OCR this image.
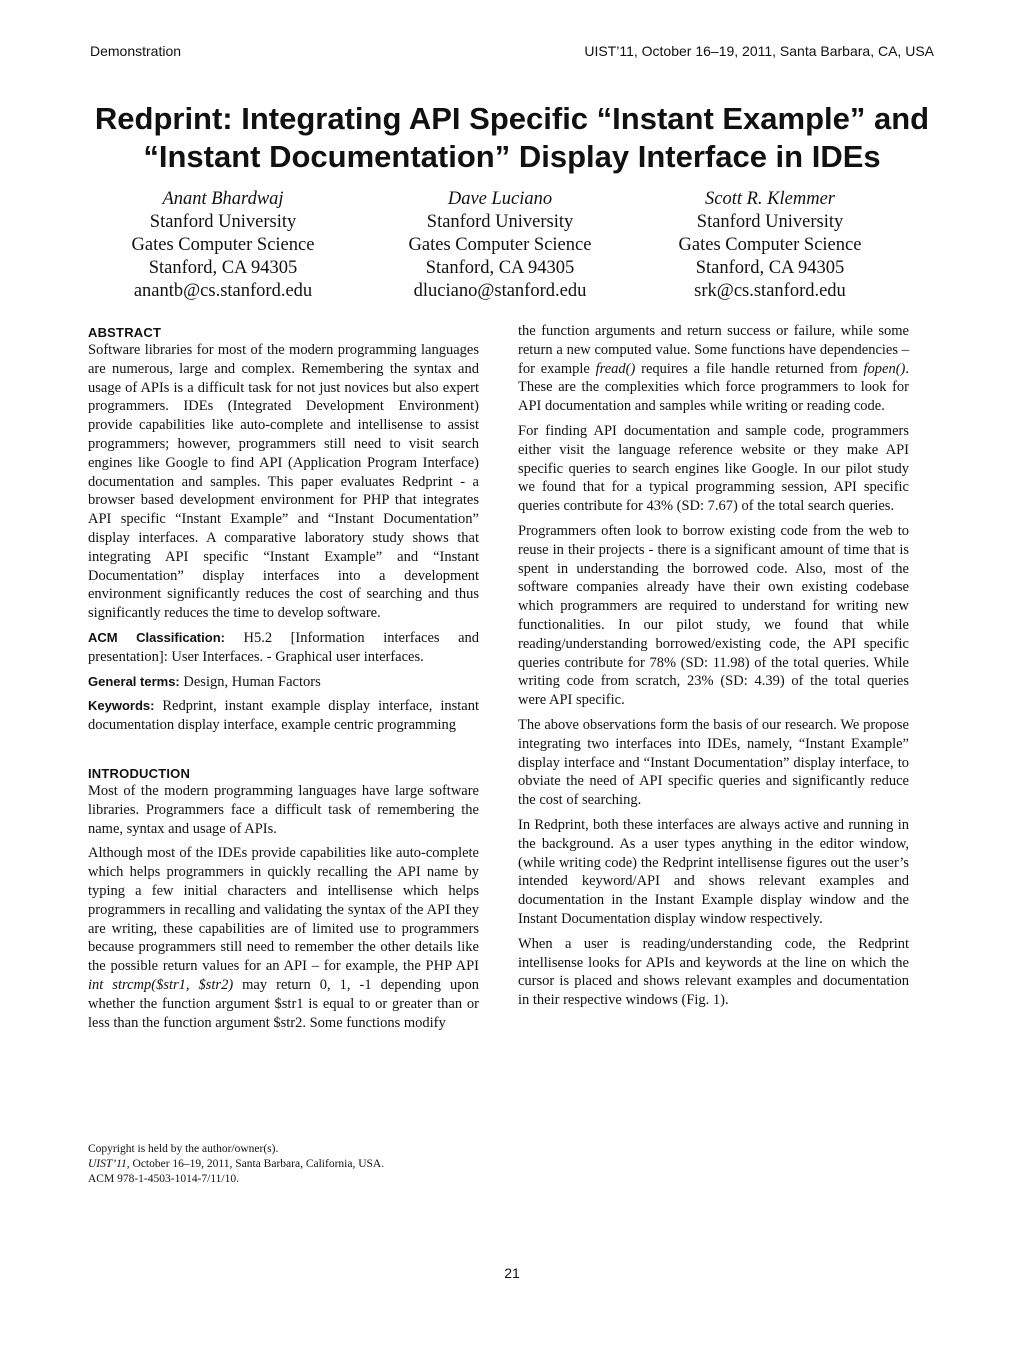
Demonstration	UIST’11, October 16–19, 2011, Santa Barbara, CA, USA
Redprint: Integrating API Specific “Instant Example” and
“Instant Documentation” Display Interface in IDEs
Anant Bhardwaj
Stanford University
Gates Computer Science
Stanford, CA 94305
anantb@cs.stanford.edu
Dave Luciano
Stanford University
Gates Computer Science
Stanford, CA 94305
dluciano@stanford.edu
Scott R. Klemmer
Stanford University
Gates Computer Science
Stanford, CA 94305
srk@cs.stanford.edu
ABSTRACT

Software libraries for most of the modern programming languages are numerous, large and complex. Remembering the syntax and usage of APIs is a difficult task for not just novices but also expert programmers. IDEs (Integrated Development Environment) provide capabilities like auto-complete and intellisense to assist programmers; however, programmers still need to visit search engines like Google to find API (Application Program Interface) documentation and samples. This paper evaluates Redprint - a browser based development environment for PHP that integrates API specific “Instant Example” and “Instant Documentation” display interfaces. A comparative laboratory study shows that integrating API specific “Instant Example” and “Instant Documentation” display interfaces into a development environment significantly reduces the cost of searching and thus significantly reduces the time to develop software.

ACM Classification: H5.2 [Information interfaces and presentation]: User Interfaces. - Graphical user interfaces.

General terms: Design, Human Factors

Keywords: Redprint, instant example display interface, instant documentation display interface, example centric programming

INTRODUCTION

Most of the modern programming languages have large software libraries. Programmers face a difficult task of remembering the name, syntax and usage of APIs.

Although most of the IDEs provide capabilities like auto-complete which helps programmers in quickly recalling the API name by typing a few initial characters and intellisense which helps programmers in recalling and validating the syntax of the API they are writing, these capabilities are of limited use to programmers because programmers still need to remember the other details like the possible return values for an API – for example, the PHP API int strcmp($str1, $str2) may return 0, 1, -1 depending upon whether the function argument $str1 is equal to or greater than or less than the function argument $str2. Some functions modify

the function arguments and return success or failure, while some return a new computed value. Some functions have dependencies – for example fread() requires a file handle returned from fopen(). These are the complexities which force programmers to look for API documentation and samples while writing or reading code.

For finding API documentation and sample code, programmers either visit the language reference website or they make API specific queries to search engines like Google. In our pilot study we found that for a typical programming session, API specific queries contribute for 43% (SD: 7.67) of the total search queries.

Programmers often look to borrow existing code from the web to reuse in their projects - there is a significant amount of time that is spent in understanding the borrowed code. Also, most of the software companies already have their own existing codebase which programmers are required to understand for writing new functionalities. In our pilot study, we found that while reading/understanding borrowed/existing code, the API specific queries contribute for 78% (SD: 11.98) of the total queries. While writing code from scratch, 23% (SD: 4.39) of the total queries were API specific.

The above observations form the basis of our research. We propose integrating two interfaces into IDEs, namely, “Instant Example” display interface and “Instant Documentation” display interface, to obviate the need of API specific queries and significantly reduce the cost of searching.

In Redprint, both these interfaces are always active and running in the background. As a user types anything in the editor window, (while writing code) the Redprint intellisense figures out the user’s intended keyword/API and shows relevant examples and documentation in the Instant Example display window and the Instant Documentation display window respectively.

When a user is reading/understanding code, the Redprint intellisense looks for APIs and keywords at the line on which the cursor is placed and shows relevant examples and documentation in their respective windows (Fig. 1).

Copyright is held by the author/owner(s).
UIST’11, October 16–19, 2011, Santa Barbara, California, USA.
ACM 978-1-4503-1014-7/11/10.
21
